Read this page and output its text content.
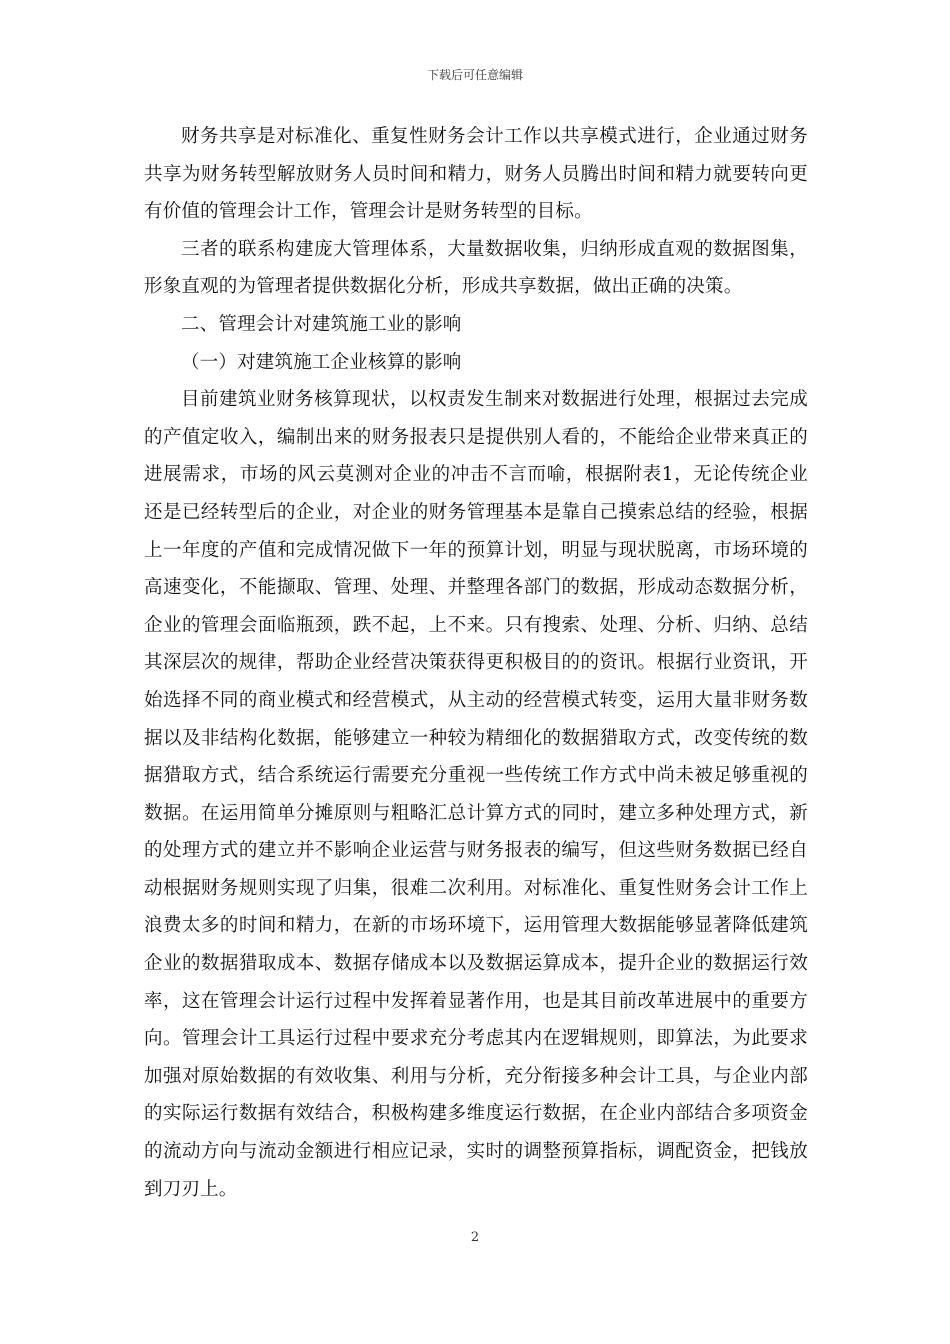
下载后可任意编辑

财务共享是对标准化、重复性财务会计工作以共享模式进行，企业通过财务共享为财务转型解放财务人员时间和精力，财务人员腾出时间和精力就要转向更有价值的管理会计工作，管理会计是财务转型的目标。

三者的联系构建庞大管理体系，大量数据收集，归纳形成直观的数据图集，形象直观的为管理者提供数据化分析，形成共享数据，做出正确的决策。

二、管理会计对建筑施工业的影响

（一）对建筑施工企业核算的影响

目前建筑业财务核算现状，以权责发生制来对数据进行处理，根据过去完成的产值定收入，编制出来的财务报表只是提供别人看的，不能给企业带来真正的进展需求，市场的风云莫测对企业的冲击不言而喻，根据附表1，无论传统企业还是已经转型后的企业，对企业的财务管理基本是靠自己摸索总结的经验，根据上一年度的产值和完成情况做下一年的预算计划，明显与现状脱离，市场环境的高速变化，不能撷取、管理、处理、并整理各部门的数据，形成动态数据分析，企业的管理会面临瓶颈，跌不起，上不来。只有搜索、处理、分析、归纳、总结其深层次的规律，帮助企业经营决策获得更积极目的的资讯。根据行业资讯，开始选择不同的商业模式和经营模式，从主动的经营模式转变，运用大量非财务数据以及非结构化数据，能够建立一种较为精细化的数据猎取方式，改变传统的数据猎取方式，结合系统运行需要充分重视一些传统工作方式中尚未被足够重视的数据。在运用简单分摊原则与粗略汇总计算方式的同时，建立多种处理方式，新的处理方式的建立并不影响企业运营与财务报表的编写，但这些财务数据已经自动根据财务规则实现了归集，很难二次利用。对标准化、重复性财务会计工作上浪费太多的时间和精力，在新的市场环境下，运用管理大数据能够显著降低建筑企业的数据猎取成本、数据存储成本以及数据运算成本，提升企业的数据运行效率，这在管理会计运行过程中发挥着显著作用，也是其目前改革进展中的重要方向。管理会计工具运行过程中要求充分考虑其内在逻辑规则，即算法，为此要求加强对原始数据的有效收集、利用与分析，充分衔接多种会计工具，与企业内部的实际运行数据有效结合，积极构建多维度运行数据，在企业内部结合多项资金的流动方向与流动金额进行相应记录，实时的调整预算指标，调配资金，把钱放到刀刃上。

2
